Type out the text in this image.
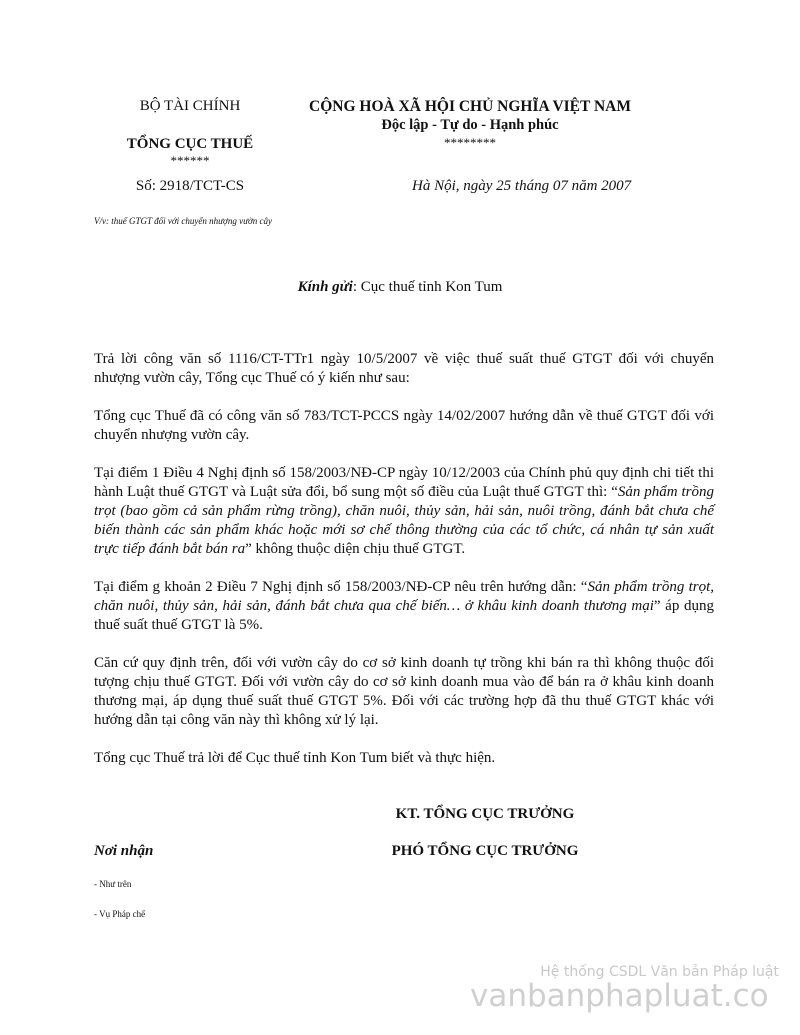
BỘ TÀI CHÍNH
TỔNG CỤC THUẾ
******
Số: 2918/TCT-CS
V/v: thuế GTGT đối với chuyển nhượng vườn cây
CỘNG HOÀ XÃ HỘI CHỦ NGHĨA VIỆT NAM
Độc lập - Tự do - Hạnh phúc
********
Hà Nội, ngày 25 tháng 07 năm 2007
Kính gửi: Cục thuế tỉnh Kon Tum

Trả lời công văn số 1116/CT-TTr1 ngày 10/5/2007 về việc thuế suất thuế GTGT đối với chuyển nhượng vườn cây, Tổng cục Thuế có ý kiến như sau:

Tổng cục Thuế đã có công văn số 783/TCT-PCCS ngày 14/02/2007 hướng dẫn về thuế GTGT đối với chuyển nhượng vườn cây.

Tại điểm 1 Điều 4 Nghị định số 158/2003/NĐ-CP ngày 10/12/2003 của Chính phủ quy định chi tiết thi hành Luật thuế GTGT và Luật sửa đổi, bổ sung một số điều của Luật thuế GTGT thì: “Sản phẩm trồng trọt (bao gồm cả sản phẩm rừng trồng), chăn nuôi, thủy sản, hải sản, nuôi trồng, đánh bắt chưa chế biến thành các sản phẩm khác hoặc mới sơ chế thông thường của các tổ chức, cá nhân tự sản xuất trực tiếp đánh bắt bán ra” không thuộc diện chịu thuế GTGT.

Tại điểm g khoản 2 Điều 7 Nghị định số 158/2003/NĐ-CP nêu trên hướng dẫn: “Sản phẩm trồng trọt, chăn nuôi, thủy sản, hải sản, đánh bắt chưa qua chế biến… ở khâu kinh doanh thương mại” áp dụng thuế suất thuế GTGT là 5%.

Căn cứ quy định trên, đối với vườn cây do cơ sở kinh doanh tự trồng khi bán ra thì không thuộc đối tượng chịu thuế GTGT. Đối với vườn cây do cơ sở kinh doanh mua vào để bán ra ở khâu kinh doanh thương mại, áp dụng thuế suất thuế GTGT 5%. Đối với các trường hợp đã thu thuế GTGT khác với hướng dẫn tại công văn này thì không xử lý lại.

Tổng cục Thuế trả lời để Cục thuế tỉnh Kon Tum biết và thực hiện.

KT. TỔNG CỤC TRƯỞNG
PHÓ TỔNG CỤC TRƯỞNG
Nơi nhận
- Như trên
- Vụ Pháp chế
Hệ thống CSDL Văn bản Pháp luật
vanbanphapluat.co
